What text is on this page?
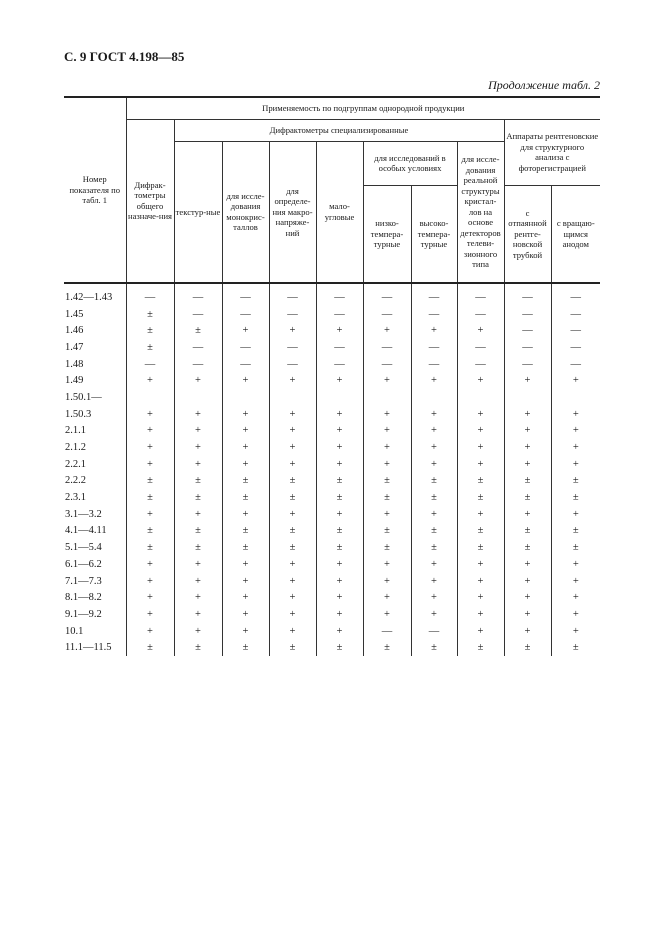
С. 9 ГОСТ 4.198—85
Продолжение табл. 2
Номер показателя по табл. 1	Применяемость по подгруппам однородной продукции									
	Дифрак-тометры общего назначе-ния	Дифрактометры специализированные							Аппараты рентгеновские для структурного анализа с фоторегистрацией	
		текстур-ные	для иссле-дования монокрис-таллов	для определе-ния макро-напряже-ний	мало-угловые	для исследований в особых условиях		для иссле-дования реальной структуры кристал-лов на основе детекторов телеви-зионного типа		
						низко-темпера-турные	высоко-темпера-турные		с отпаянной рентге-новской трубкой	с вращаю-щимся анодом
1.42—1.43	—	—	—	—	—	—	—	—	—	—
1.45	±	—	—	—	—	—	—	—	—	—
1.46	±	±	+	+	+	+	+	+	—	—
1.47	±	—	—	—	—	—	—	—	—	—
1.48	—	—	—	—	—	—	—	—	—	—
1.49	+	+	+	+	+	+	+	+	+	+
1.50.1—										
1.50.3	+	+	+	+	+	+	+	+	+	+
2.1.1	+	+	+	+	+	+	+	+	+	+
2.1.2	+	+	+	+	+	+	+	+	+	+
2.2.1	+	+	+	+	+	+	+	+	+	+
2.2.2	±	±	±	±	±	±	±	±	±	±
2.3.1	±	±	±	±	±	±	±	±	±	±
3.1—3.2	+	+	+	+	+	+	+	+	+	+
4.1—4.11	±	±	±	±	±	±	±	±	±	±
5.1—5.4	±	±	±	±	±	±	±	±	±	±
6.1—6.2	+	+	+	+	+	+	+	+	+	+
7.1—7.3	+	+	+	+	+	+	+	+	+	+
8.1—8.2	+	+	+	+	+	+	+	+	+	+
9.1—9.2	+	+	+	+	+	+	+	+	+	+
10.1	+	+	+	+	+	—	—	+	+	+
11.1—11.5	±	±	±	±	±	±	±	±	±	±
